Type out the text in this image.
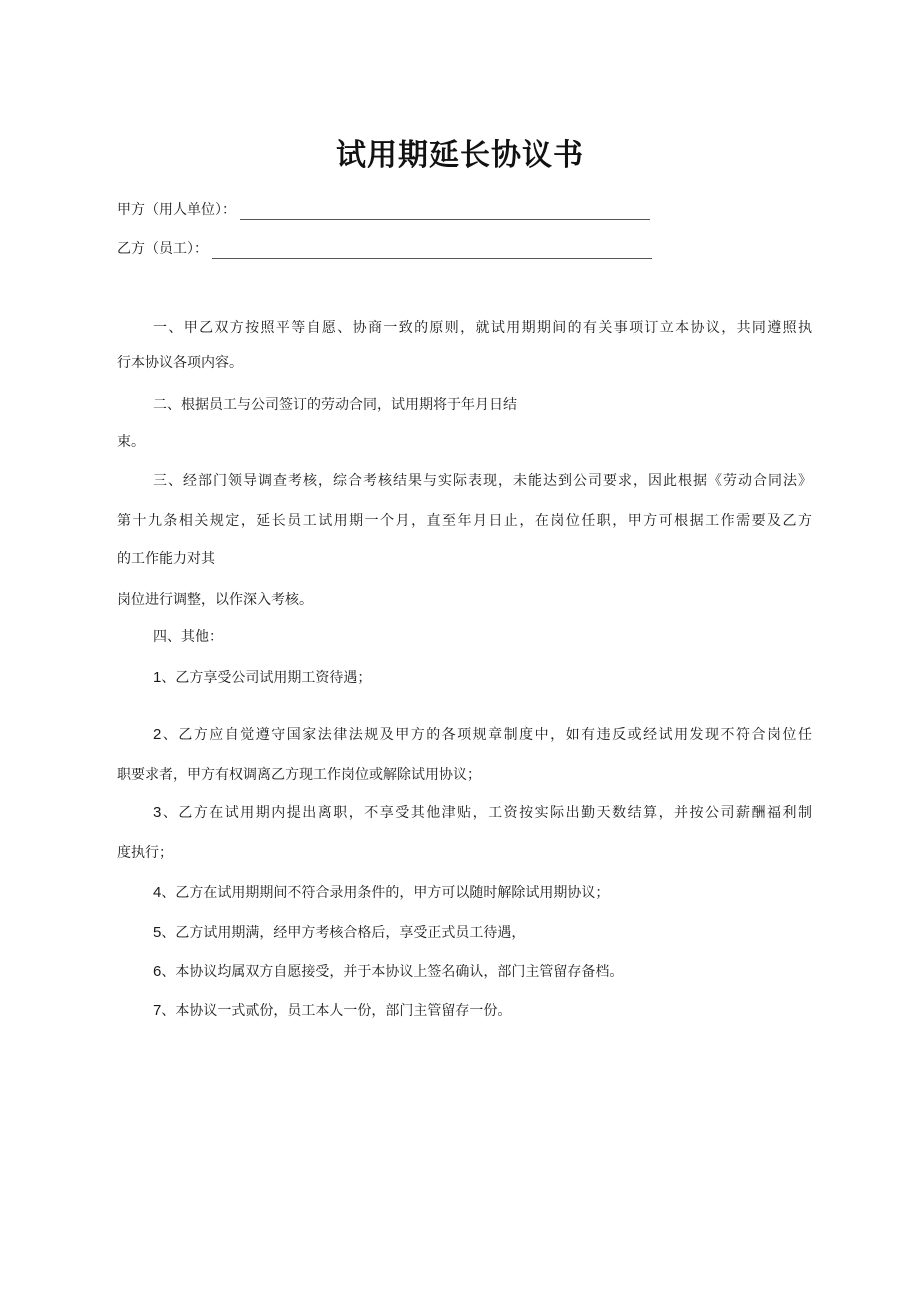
试用期延长协议书
甲方（用人单位）：
乙方（员工）：
一、甲乙双方按照平等自愿、协商一致的原则，就试用期期间的有关事项订立本协议，共同遵照执
行本协议各项内容。
二、根据员工与公司签订的劳动合同，试用期将于年月日结
束。
三、经部门领导调查考核，综合考核结果与实际表现，未能达到公司要求，因此根据《劳动合同法》
第十九条相关规定，延长员工试用期一个月，直至年月日止，在岗位任职，甲方可根据工作需要及乙方
的工作能力对其
岗位进行调整，以作深入考核。
四、其他：
1、乙方享受公司试用期工资待遇；
2、乙方应自觉遵守国家法律法规及甲方的各项规章制度中，如有违反或经试用发现不符合岗位任
职要求者，甲方有权调离乙方现工作岗位或解除试用协议；
3、乙方在试用期内提出离职，不享受其他津贴，工资按实际出勤天数结算，并按公司薪酬福利制
度执行；
4、乙方在试用期期间不符合录用条件的，甲方可以随时解除试用期协议；
5、乙方试用期满，经甲方考核合格后，享受正式员工待遇，
6、本协议均属双方自愿接受，并于本协议上签名确认，部门主管留存备档。
7、本协议一式贰份，员工本人一份，部门主管留存一份。
